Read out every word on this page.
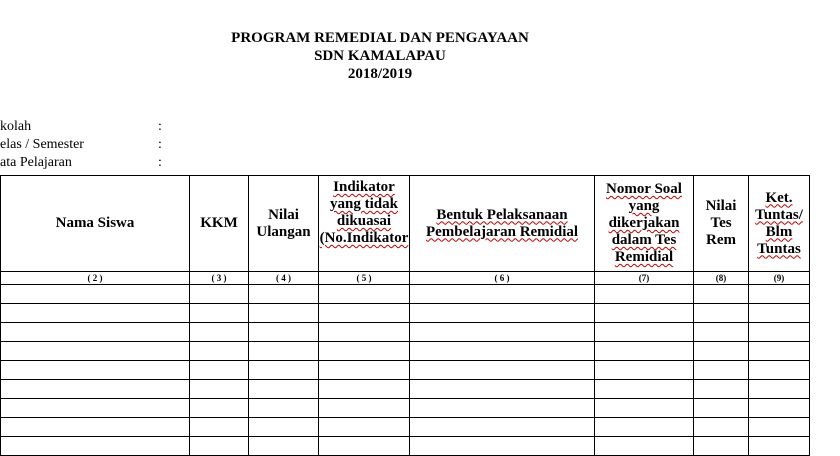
PROGRAM REMEDIAL DAN PENGAYAAN
SDN KAMALAPAU
2018/2019
kolah	:
elas / Semester	:
ata Pelajaran	:
	Nama Siswa	KKM	Nilai Ulangan	Indikator yang tidak dikuasai (No.Indikator	Bentuk Pelaksanaan Pembelajaran Remidial	Nomor Soal yang dikerjakan dalam Tes Remidial	Nilai Tes Rem	Ket. Tuntas/ Blm Tuntas
	( 2 )	( 3 )	( 4 )	( 5 )	( 6 )	(7)	(8)	(9)
